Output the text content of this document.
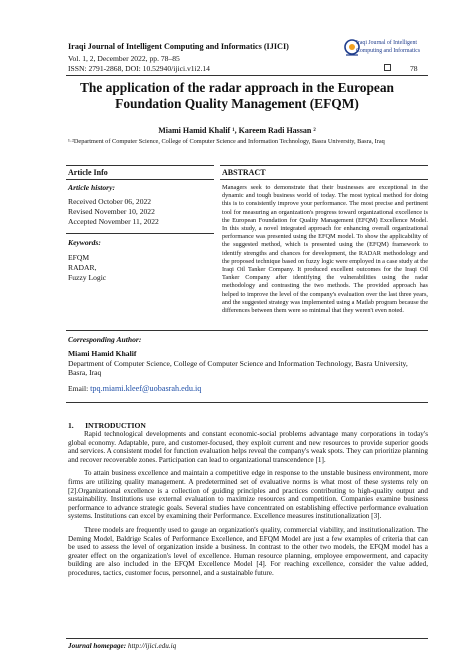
Iraqi Journal of Intelligent Computing and Informatics (IJICI)
Vol. 1, 2, December 2022, pp. 78–85
ISSN: 2791-2868, DOI: 10.52940/ijici.v1i2.14
Iraqi Journal of Intelligent
Computing and Informatics
78
The application of the radar approach in the European Foundation Quality Management (EFQM)
Miami Hamid Khalif ¹, Kareem Radi Hassan ²
¹·²Department of Computer Science, College of Computer Science and Information Technology, Basra University, Basra, Iraq
Article Info	ABSTRACT
Article history:
Received October 06, 2022
Revised November 10, 2022
Accepted November 11, 2022
Keywords:
EFQM
RADAR,
Fuzzy Logic
Managers seek to demonstrate that their businesses are exceptional in the dynamic and tough business world of today. The most typical method for doing this is to consistently improve your performance. The most precise and pertinent tool for measuring an organization's progress toward organizational excellence is the European Foundation for Quality Management (EFQM) Excellence Model. In this study, a novel integrated approach for enhancing overall organizational performance was presented using the EFQM model. To show the applicability of the suggested method, which is presented using the (EFQM) framework to identify strengths and chances for development, the RADAR methodology and the proposed technique based on fuzzy logic were employed in a case study at the Iraqi Oil Tanker Company. It produced excellent outcomes for the Iraqi Oil Tanker Company after identifying the vulnerabilities using the radar methodology and contrasting the two methods. The provided approach has helped to improve the level of the company's evaluation over the last three years, and the suggested strategy was implemented using a Matlab program because the differences between them were so minimal that they weren't even noted.
Corresponding Author:
Miami Hamid Khalif
Department of Computer Science, College of Computer Science and Information Technology, Basra University, Basra, Iraq
Email: tpq.miami.kleef@uobasrah.edu.iq
1.      INTRODUCTION

Rapid technological developments and constant economic-social problems advantage many corporations in today's global economy. Adaptable, pure, and customer-focused, they exploit current and new resources to provide superior goods and services. A consistent model for function evaluation helps reveal the company's weak spots. They can prioritize planning and recover recoverable zones. Participation can lead to organizational transcendence [1].

To attain business excellence and maintain a competitive edge in response to the unstable business environment, more firms are utilizing quality management. A predetermined set of evaluative norms is what most of these systems rely on [2].Organizational excellence is a collection of guiding principles and practices contributing to high-quality output and sustainability. Institutions use external evaluation to maximize resources and competition. Companies examine business performance to advance strategic goals. Several studies have concentrated on establishing effective performance evaluation systems. Institutions can excel by examining their Performance. Excellence measures institutionalization [3].

Three models are frequently used to gauge an organization's quality, commercial viability, and institutionalization. The Deming Model, Baldrige Scales of Performance Excellence, and EFQM Model are just a few examples of criteria that can be used to assess the level of organization inside a business. In contrast to the other two models, the EFQM model has a greater effect on the organization's level of excellence. Human resource planning, employee empowerment, and capacity building are also included in the EFQM Excellence Model [4]. For reaching excellence, consider the value added, procedures, tactics, customer focus, personnel, and a sustainable future.

Journal homepage: http://ijici.edu.iq
